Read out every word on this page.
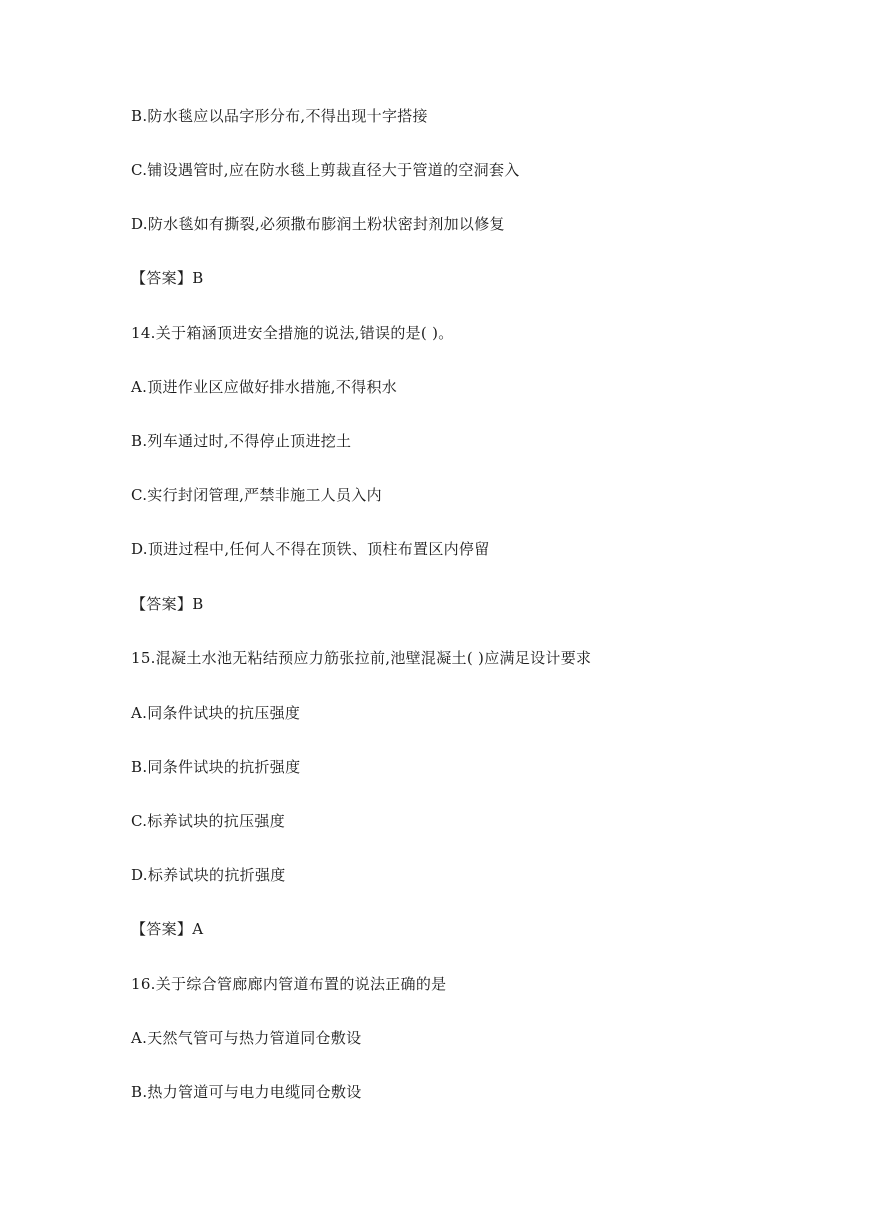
B.防水毯应以品字形分布,不得出现十字搭接
C.铺设遇管时,应在防水毯上剪裁直径大于管道的空洞套入
D.防水毯如有撕裂,必须撒布膨润土粉状密封剂加以修复
【答案】B
14.关于箱涵顶进安全措施的说法,错误的是( )。
A.顶进作业区应做好排水措施,不得积水
B.列车通过时,不得停止顶进挖土
C.实行封闭管理,严禁非施工人员入内
D.顶进过程中,任何人不得在顶铁、顶柱布置区内停留
【答案】B
15.混凝土水池无粘结预应力筋张拉前,池壁混凝土( )应满足设计要求
A.同条件试块的抗压强度
B.同条件试块的抗折强度
C.标养试块的抗压强度
D.标养试块的抗折强度
【答案】A
16.关于综合管廊廊内管道布置的说法正确的是
A.天然气管可与热力管道同仓敷设
B.热力管道可与电力电缆同仓敷设
